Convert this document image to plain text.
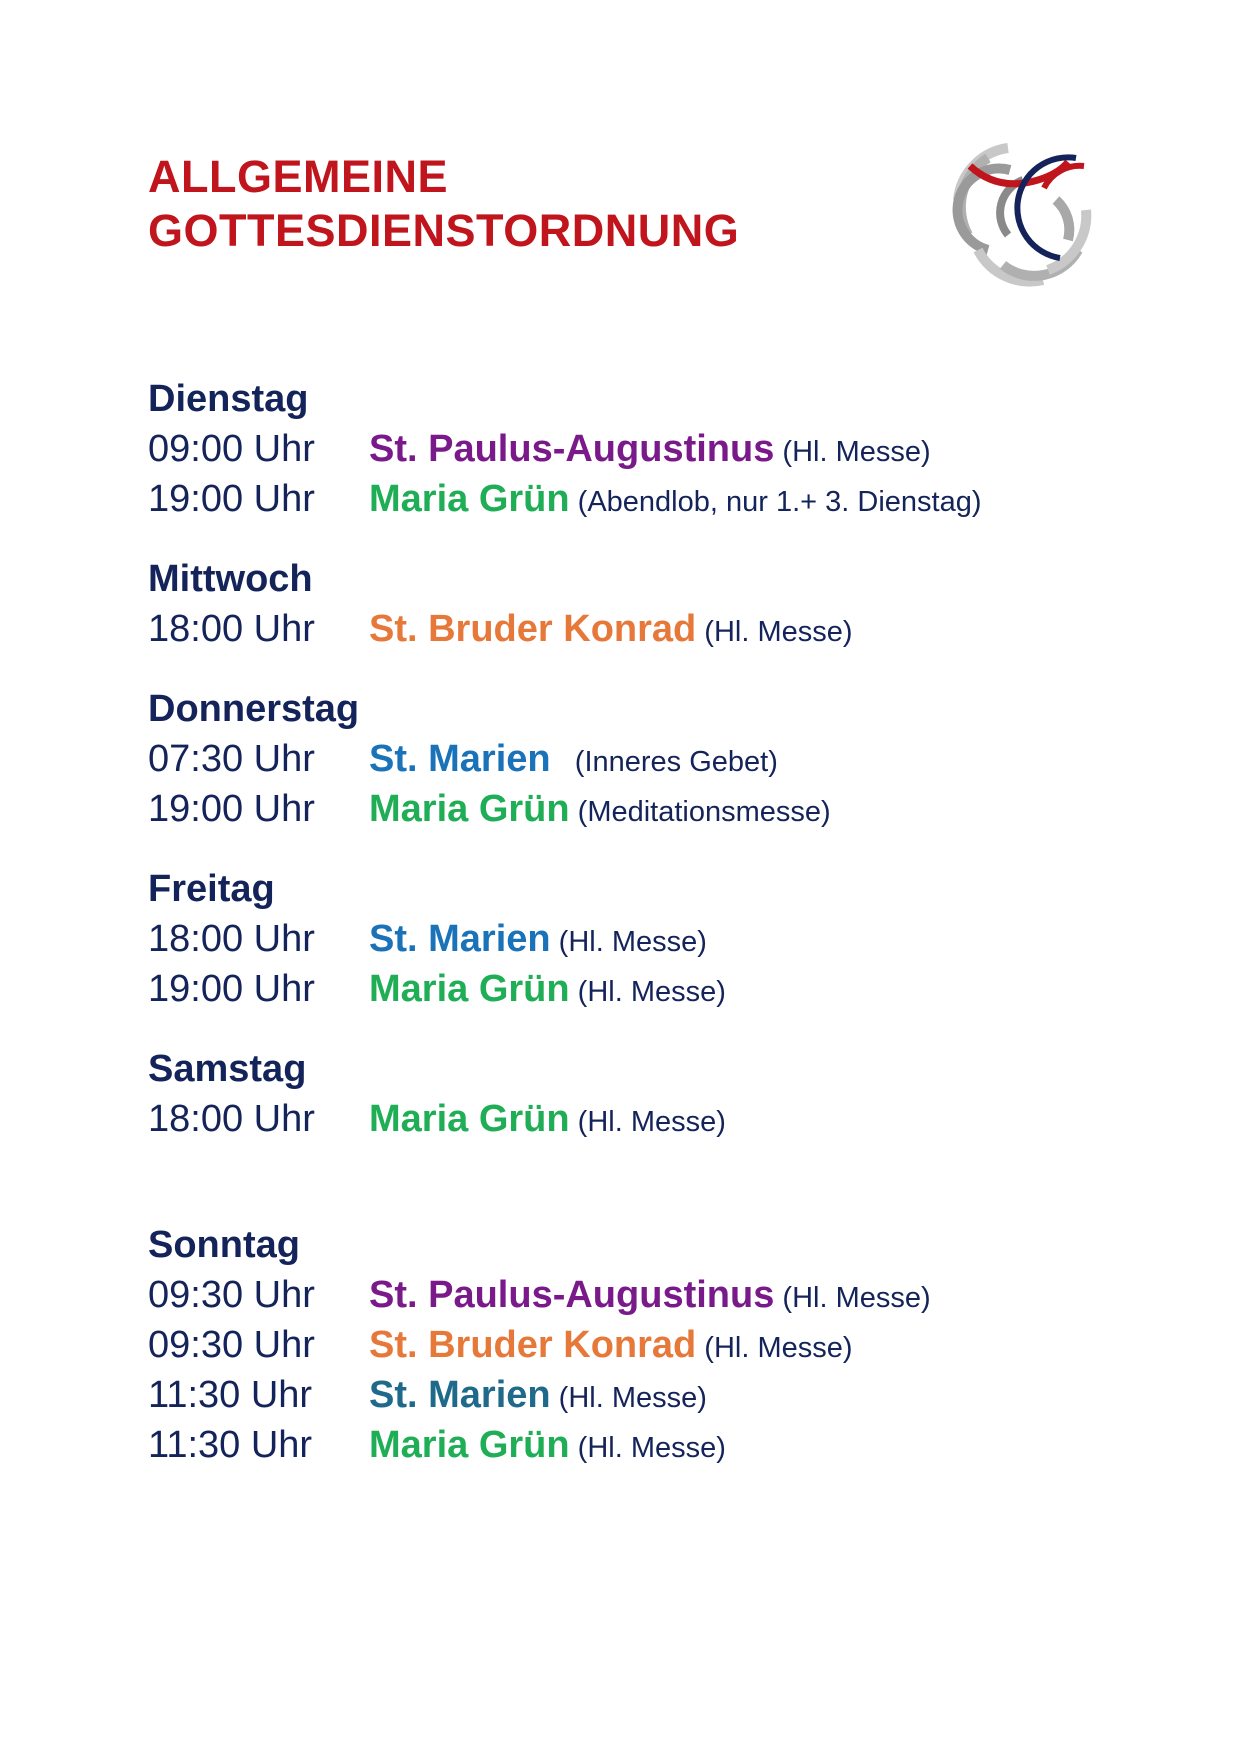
ALLGEMEINE
GOTTESDIENSTORDNUNG
Dienstag
09:00 Uhr St. Paulus-Augustinus (Hl. Messe)
19:00 Uhr Maria Grün (Abendlob, nur 1.+ 3. Dienstag)
Mittwoch
18:00 Uhr St. Bruder Konrad (Hl. Messe)
Donnerstag
07:30 Uhr St. Marien   (Inneres Gebet)
19:00 Uhr Maria Grün (Meditationsmesse)
Freitag
18:00 Uhr St. Marien (Hl. Messe)
19:00 Uhr Maria Grün (Hl. Messe)
Samstag
18:00 Uhr Maria Grün (Hl. Messe)
Sonntag
09:30 Uhr St. Paulus-Augustinus (Hl. Messe)
09:30 Uhr St. Bruder Konrad (Hl. Messe)
11:30 Uhr St. Marien (Hl. Messe)
11:30 Uhr Maria Grün (Hl. Messe)
